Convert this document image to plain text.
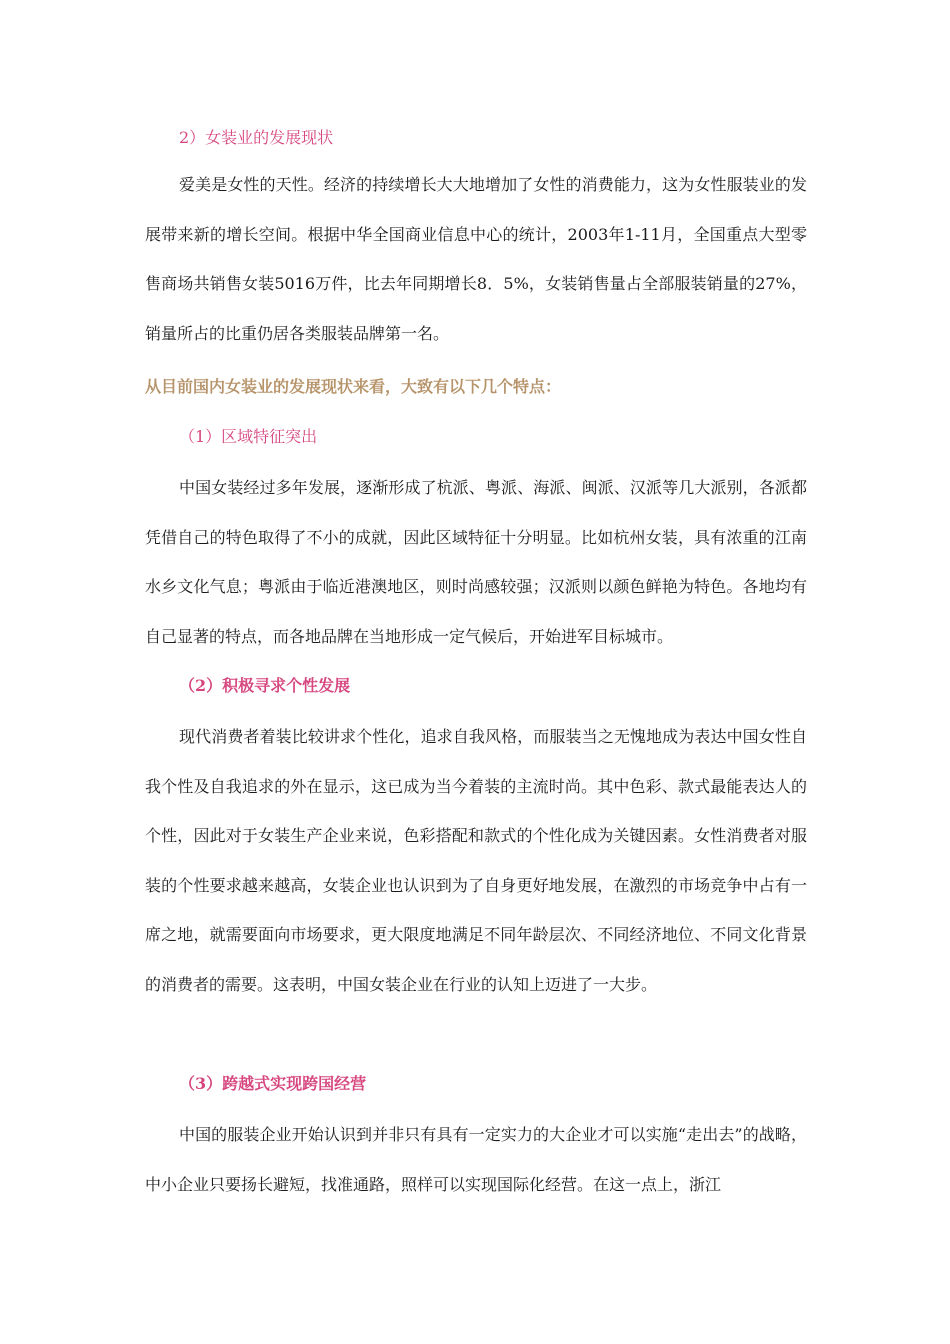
2）女装业的发展现状

爱美是女性的天性。经济的持续增长大大地增加了女性的消费能力，这为女性服装业的发展带来新的增长空间。根据中华全国商业信息中心的统计，2003年1-11月，全国重点大型零售商场共销售女装5016万件，比去年同期增长8．5%，女装销售量占全部服装销量的27%，销量所占的比重仍居各类服装品牌第一名。

从目前国内女装业的发展现状来看，大致有以下几个特点：
（1）区域特征突出

中国女装经过多年发展，逐渐形成了杭派、粤派、海派、闽派、汉派等几大派别，各派都凭借自己的特色取得了不小的成就，因此区域特征十分明显。比如杭州女装，具有浓重的江南水乡文化气息；粤派由于临近港澳地区，则时尚感较强；汉派则以颜色鲜艳为特色。各地均有自己显著的特点，而各地品牌在当地形成一定气候后，开始进军目标城市。

（2）积极寻求个性发展

现代消费者着装比较讲求个性化，追求自我风格，而服装当之无愧地成为表达中国女性自我个性及自我追求的外在显示，这已成为当今着装的主流时尚。其中色彩、款式最能表达人的个性，因此对于女装生产企业来说，色彩搭配和款式的个性化成为关键因素。女性消费者对服装的个性要求越来越高，女装企业也认识到为了自身更好地发展，在激烈的市场竞争中占有一席之地，就需要面向市场要求，更大限度地满足不同年龄层次、不同经济地位、不同文化背景的消费者的需要。这表明，中国女装企业在行业的认知上迈进了一大步。

（3）跨越式实现跨国经营

中国的服装企业开始认识到并非只有具有一定实力的大企业才可以实施“走出去”的战略，中小企业只要扬长避短，找准通路，照样可以实现国际化经营。在这一点上，浙江
